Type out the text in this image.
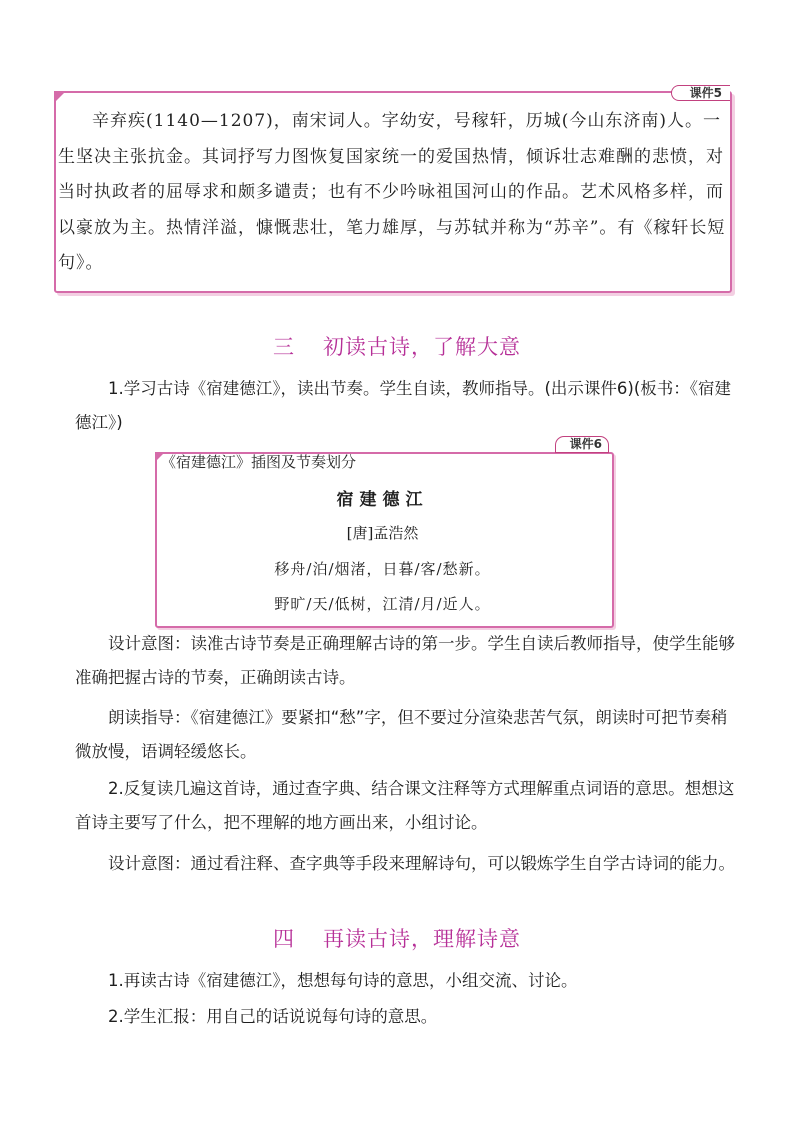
课件5

辛弃疾(1140—1207)，南宋词人。字幼安，号稼轩，历城(今山东济南)人。一生坚决主张抗金。其词抒写力图恢复国家统一的爱国热情，倾诉壮志难酬的悲愤，对当时执政者的屈辱求和颇多谴责；也有不少吟咏祖国河山的作品。艺术风格多样，而以豪放为主。热情洋溢，慷慨悲壮，笔力雄厚，与苏轼并称为“苏辛”。有《稼轩长短句》。

三 初读古诗，了解大意

1.学习古诗《宿建德江》，读出节奏。学生自读，教师指导。(出示课件6)(板书：《宿建德江》)

课件6
《宿建德江》插图及节奏划分
宿建德江
[唐]孟浩然
移舟/泊/烟渚，日暮/客/愁新。
野旷/天/低树，江清/月/近人。

设计意图：读准古诗节奏是正确理解古诗的第一步。学生自读后教师指导，使学生能够准确把握古诗的节奏，正确朗读古诗。

朗读指导：《宿建德江》要紧扣“愁”字，但不要过分渲染悲苦气氛，朗读时可把节奏稍微放慢，语调轻缓悠长。

2.反复读几遍这首诗，通过查字典、结合课文注释等方式理解重点词语的意思。想想这首诗主要写了什么，把不理解的地方画出来，小组讨论。

设计意图：通过看注释、查字典等手段来理解诗句，可以锻炼学生自学古诗词的能力。

四 再读古诗，理解诗意

1.再读古诗《宿建德江》，想想每句诗的意思，小组交流、讨论。

2.学生汇报：用自己的话说说每句诗的意思。
